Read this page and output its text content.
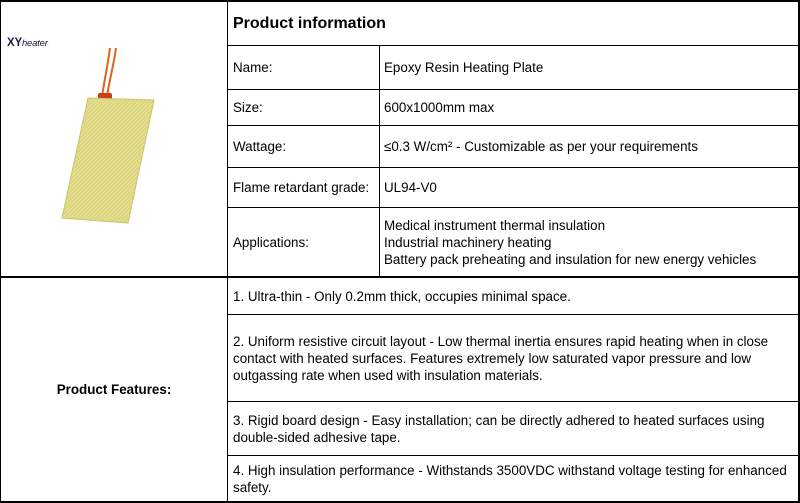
XYheater
Product information
Name:	Epoxy Resin Heating Plate
Size:	600x1000mm max
Wattage:	≤0.3 W/cm² - Customizable as per your requirements
Flame retardant grade:	UL94-V0
Applications:
Medical instrument thermal insulation
Industrial machinery heating
Battery pack preheating and insulation for new energy vehicles
Product Features:
1. Ultra-thin - Only 0.2mm thick, occupies minimal space.
2. Uniform resistive circuit layout - Low thermal inertia ensures rapid heating when in close contact with heated surfaces. Features extremely low saturated vapor pressure and low outgassing rate when used with insulation materials.
3. Rigid board design - Easy installation; can be directly adhered to heated surfaces using double-sided adhesive tape.
4. High insulation performance - Withstands 3500VDC withstand voltage testing for enhanced safety.
